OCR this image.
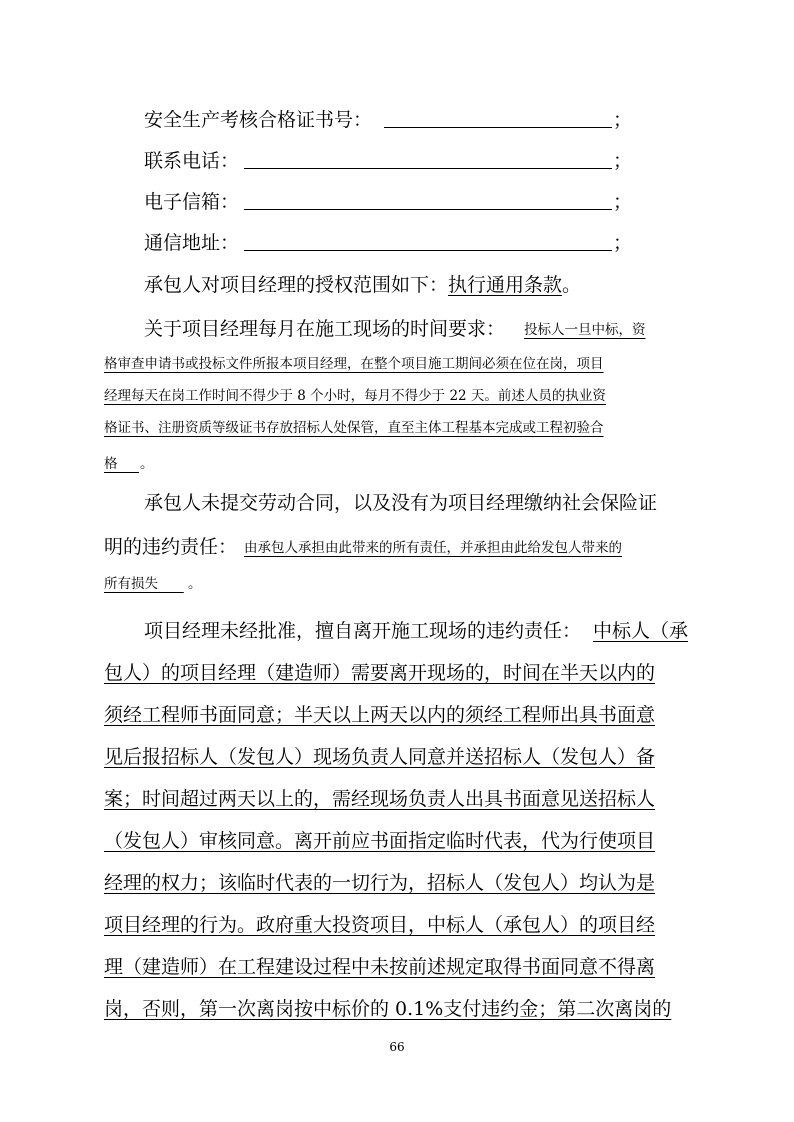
安全生产考核合格证书号：	；
联系电话：	；
电子信箱：	；
通信地址：	；
承包人对项目经理的授权范围如下：执行通用条款。
关于项目经理每月在施工现场的时间要求： 投标人一旦中标，资
格审查申请书或投标文件所报本项目经理，在整个项目施工期间必须在位在岗，项目
经理每天在岗工作时间不得少于 8 个小时，每月不得少于 22 天。前述人员的执业资
格证书、注册资质等级证书存放招标人处保管，直至主体工程基本完成或工程初验合
格	。
承包人未提交劳动合同，以及没有为项目经理缴纳社会保险证
明的违约责任： 由承包人承担由此带来的所有责任，并承担由此给发包人带来的
所有损失	。
项目经理未经批准，擅自离开施工现场的违约责任： 中标人（承
包人）的项目经理（建造师）需要离开现场的，时间在半天以内的
须经工程师书面同意；半天以上两天以内的须经工程师出具书面意
见后报招标人（发包人）现场负责人同意并送招标人（发包人）备
案；时间超过两天以上的，需经现场负责人出具书面意见送招标人
（发包人）审核同意。离开前应书面指定临时代表，代为行使项目
经理的权力；该临时代表的一切行为，招标人（发包人）均认为是
项目经理的行为。政府重大投资项目，中标人（承包人）的项目经
理（建造师）在工程建设过程中未按前述规定取得书面同意不得离
岗，否则，第一次离岗按中标价的 0.1%支付违约金；第二次离岗的
66
